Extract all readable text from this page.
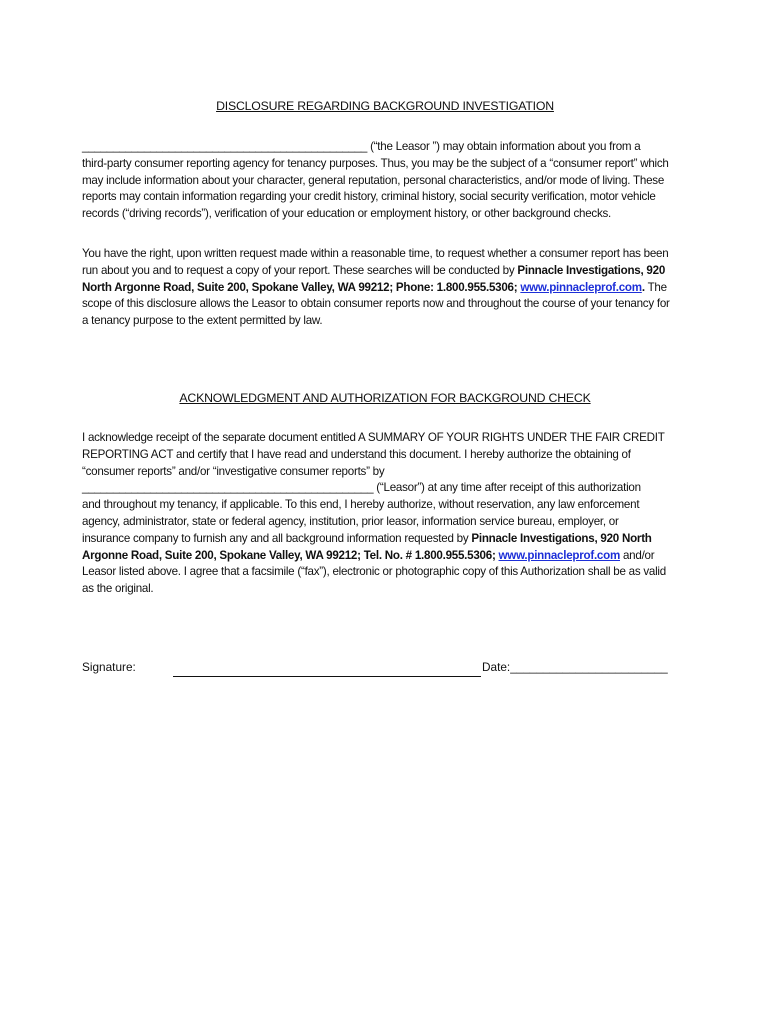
DISCLOSURE REGARDING BACKGROUND INVESTIGATION
______________________________________________ (“the Leasor ”) may obtain information about you from a
third-party consumer reporting agency for tenancy purposes. Thus, you may be the subject of a “consumer report” which
may include information about your character, general reputation, personal characteristics, and/or mode of living. These
reports may contain information regarding your credit history, criminal history, social security verification, motor vehicle
records (“driving records”), verification of your education or employment history, or other background checks.
You have the right, upon written request made within a reasonable time, to request whether a consumer report has been
run about you and to request a copy of your report. These searches will be conducted by Pinnacle Investigations, 920
North Argonne Road, Suite 200, Spokane Valley, WA 99212; Phone: 1.800.955.5306; www.pinnacleprof.com. The
scope of this disclosure allows the Leasor to obtain consumer reports now and throughout the course of your tenancy for
a tenancy purpose to the extent permitted by law.
ACKNOWLEDGMENT AND AUTHORIZATION FOR BACKGROUND CHECK
I acknowledge receipt of the separate document entitled A SUMMARY OF YOUR RIGHTS UNDER THE FAIR CREDIT
REPORTING ACT and certify that I have read and understand this document. I hereby authorize the obtaining of
“consumer reports” and/or “investigative consumer reports” by
_______________________________________________ (“Leasor”) at any time after receipt of this authorization
and throughout my tenancy, if applicable. To this end, I hereby authorize, without reservation, any law enforcement
agency, administrator, state or federal agency, institution, prior leasor, information service bureau, employer, or
insurance company to furnish any and all background information requested by Pinnacle Investigations, 920 North
Argonne Road, Suite 200, Spokane Valley, WA 99212; Tel. No. # 1.800.955.5306; www.pinnacleprof.com and/or
Leasor listed above. I agree that a facsimile (“fax”), electronic or photographic copy of this Authorization shall be as valid
as the original.
Signature:	Date:________________________
